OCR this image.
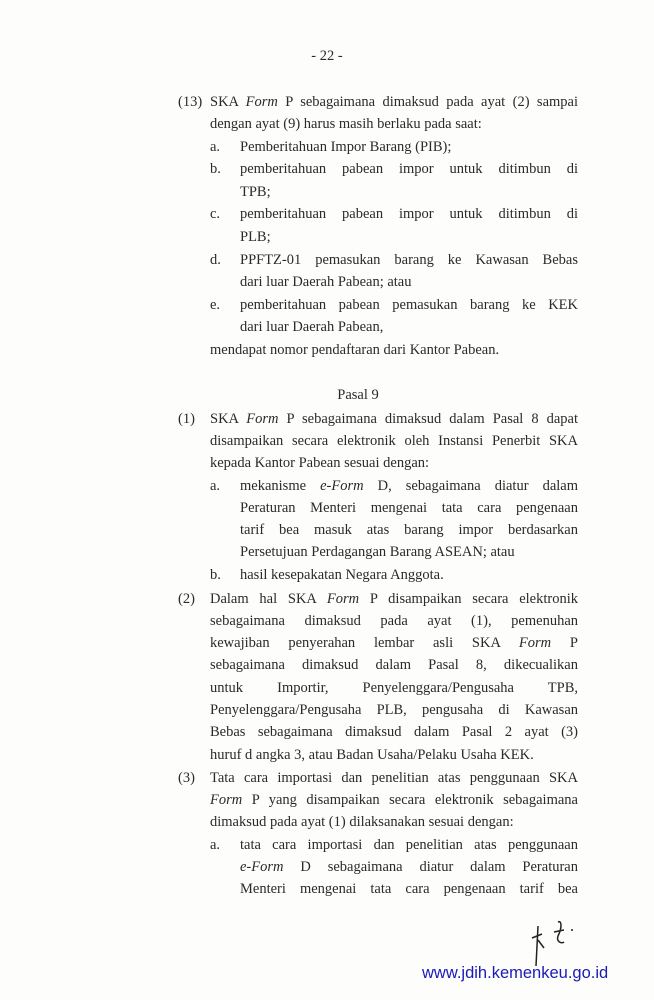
- 22 -
(13) SKA Form P sebagaimana dimaksud pada ayat (2) sampai
dengan ayat (9) harus masih berlaku pada saat:
a. Pemberitahuan Impor Barang (PIB);
b. pemberitahuan pabean impor untuk ditimbun di
TPB;
c. pemberitahuan pabean impor untuk ditimbun di
PLB;
d. PPFTZ-01 pemasukan barang ke Kawasan Bebas
dari luar Daerah Pabean; atau
e. pemberitahuan pabean pemasukan barang ke KEK
dari luar Daerah Pabean,
mendapat nomor pendaftaran dari Kantor Pabean.
Pasal 9
(1) SKA Form P sebagaimana dimaksud dalam Pasal 8 dapat
disampaikan secara elektronik oleh Instansi Penerbit SKA
kepada Kantor Pabean sesuai dengan:
a. mekanisme e-Form D, sebagaimana diatur dalam
Peraturan Menteri mengenai tata cara pengenaan
tarif bea masuk atas barang impor berdasarkan
Persetujuan Perdagangan Barang ASEAN; atau
b. hasil kesepakatan Negara Anggota.
(2) Dalam hal SKA Form P disampaikan secara elektronik
sebagaimana dimaksud pada ayat (1), pemenuhan
kewajiban penyerahan lembar asli SKA Form P
sebagaimana dimaksud dalam Pasal 8, dikecualikan
untuk Importir, Penyelenggara/Pengusaha TPB,
Penyelenggara/Pengusaha PLB, pengusaha di Kawasan
Bebas sebagaimana dimaksud dalam Pasal 2 ayat (3)
huruf d angka 3, atau Badan Usaha/Pelaku Usaha KEK.
(3) Tata cara importasi dan penelitian atas penggunaan SKA
Form P yang disampaikan secara elektronik sebagaimana
dimaksud pada ayat (1) dilaksanakan sesuai dengan:
a. tata cara importasi dan penelitian atas penggunaan
e-Form D sebagaimana diatur dalam Peraturan
Menteri mengenai tata cara pengenaan tarif bea
www.jdih.kemenkeu.go.id
